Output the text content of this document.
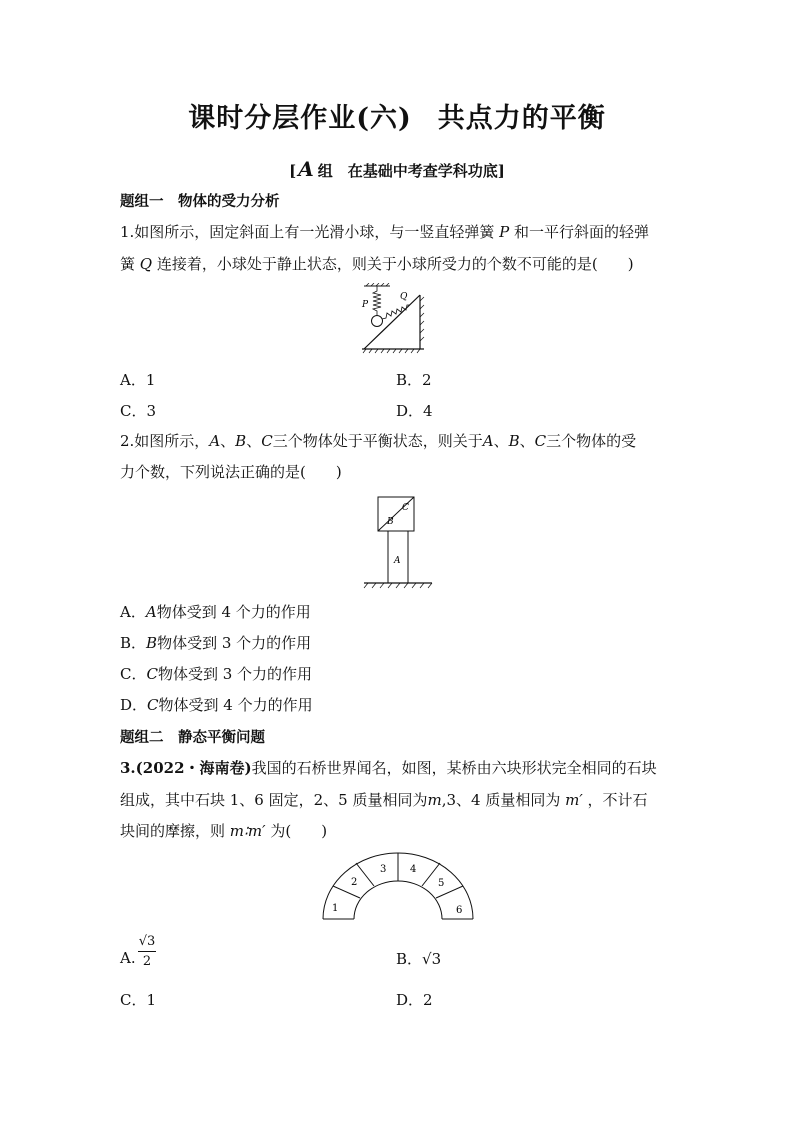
课时分层作业(六) 共点力的平衡
[ A 组　在基础中考查学科功底]
题组一　物体的受力分析
1.如图所示，固定斜面上有一光滑小球，与一竖直轻弹簧 P 和一平行斜面的轻弹
簧 Q 连接着，小球处于静止状态，则关于小球所受力的个数不可能的是(　　)
P
Q
A．1	B．2
C．3	D．4
2.如图所示，A、B、C三个物体处于平衡状态，则关于A、B、C三个物体的受
力个数，下列说法正确的是(　　)
A
B
C
A．A物体受到 4 个力的作用
B．B物体受到 3 个力的作用
C．C物体受到 3 个力的作用
D．C物体受到 4 个力的作用
题组二　静态平衡问题
3.(2022・海南卷)我国的石桥世界闻名，如图，某桥由六块形状完全相同的石块
组成，其中石块 1、6 固定，2、5 质量相同为m,3、4 质量相同为 m′ ，不计石
块间的摩擦，则 m∶m′ 为(　　)
1
2
3 4
5
6
A.
√3
2	B．√3
C．1	D．2
